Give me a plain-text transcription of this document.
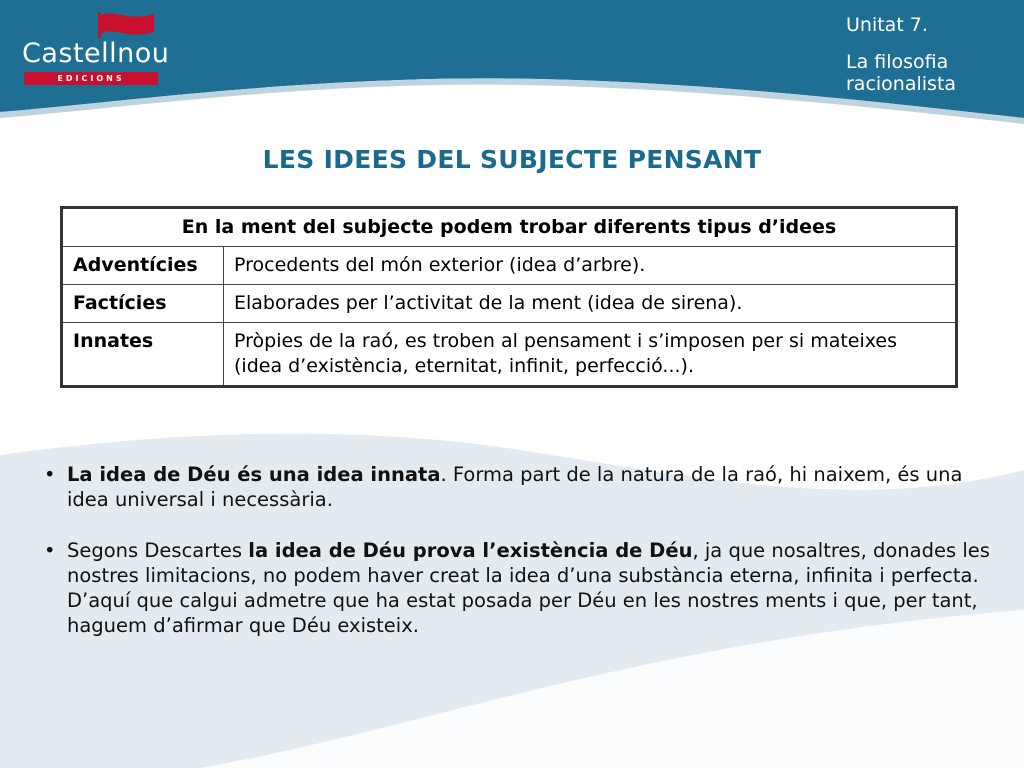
Castellnou
EDICIONS
Unitat 7.
La filosofia racionalista
LES IDEES DEL SUBJECTE PENSANT
En la ment del subjecte podem trobar diferents tipus d’idees	
Adventícies	Procedents del món exterior (idea d’arbre).
Factícies	Elaborades per l’activitat de la ment (idea de sirena).
Innates	Pròpies de la raó, es troben al pensament i s’imposen per si mateixes (idea d’existència, eternitat, infinit, perfecció...).
• La idea de Déu és una idea innata. Forma part de la natura de la raó, hi naixem, és una idea universal i necessària.
• Segons Descartes la idea de Déu prova l’existència de Déu, ja que nosaltres, donades les nostres limitacions, no podem haver creat la idea d’una substància eterna, infinita i perfecta. D’aquí que calgui admetre que ha estat posada per Déu en les nostres ments i que, per tant, haguem d’afirmar que Déu existeix.
